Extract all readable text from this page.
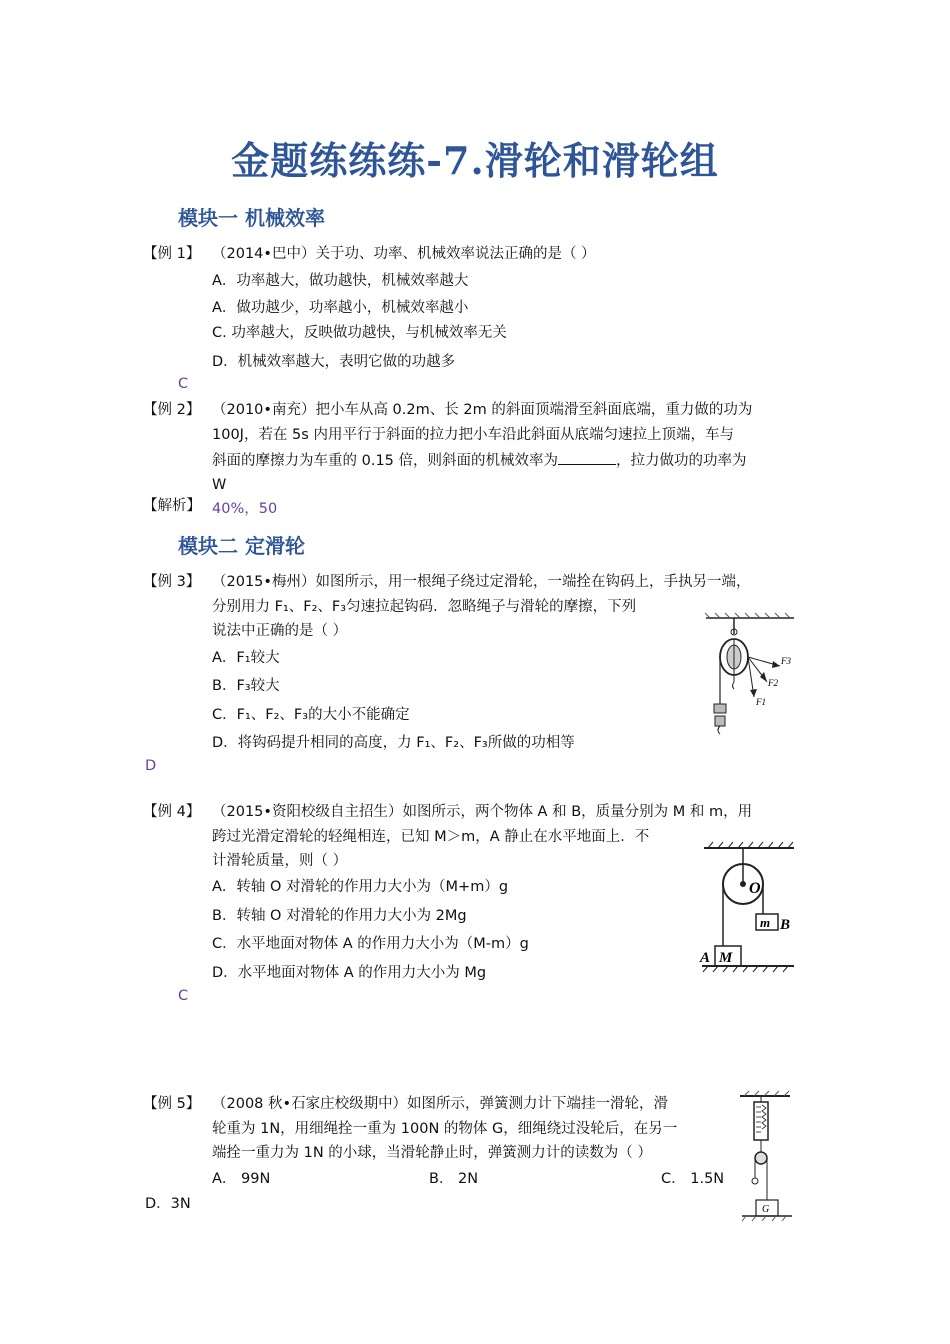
金题练练练-7.滑轮和滑轮组
模块一 机械效率
【例 1】 （2014•巴中）关于功、功率、机械效率说法正确的是（ ）
A．功率越大，做功越快，机械效率越大
A．做功越少，功率越小，机械效率越小
C. 功率越大，反映做功越快，与机械效率无关
D．机械效率越大，表明它做的功越多
C
【例 2】 （2010•南充）把小车从高 0.2m、长 2m 的斜面顶端滑至斜面底端，重力做的功为
100J，若在 5s 内用平行于斜面的拉力把小车沿此斜面从底端匀速拉上顶端，车与
斜面的摩擦力为车重的 0.15 倍，则斜面的机械效率为	，拉力做功的功率为
W
【解析】 40%，50
模块二 定滑轮
【例 3】 （2015•梅州）如图所示，用一根绳子绕过定滑轮，一端拴在钩码上，手执另一端，
分别用力 F₁、F₂、F₃匀速拉起钩码．忽略绳子与滑轮的摩擦，下列
说法中正确的是（ ）
A．F₁较大
B．F₃较大
C．F₁、F₂、F₃的大小不能确定
D．将钩码提升相同的高度，力 F₁、F₂、F₃所做的功相等
D
F3
F2
F1
【例 4】 （2015•资阳校级自主招生）如图所示，两个物体 A 和 B，质量分别为 M 和 m，用
跨过光滑定滑轮的轻绳相连，已知 M＞m，A 静止在水平地面上．不
计滑轮质量，则（ ）
A．转轴 O 对滑轮的作用力大小为（M+m）g
B．转轴 O 对滑轮的作用力大小为 2Mg
C．水平地面对物体 A 的作用力大小为（M-m）g
D．水平地面对物体 A 的作用力大小为 Mg
C
O
m B
M
A
【例 5】 （2008 秋•石家庄校级期中）如图所示，弹簧测力计下端挂一滑轮，滑
轮重为 1N，用细绳拴一重为 100N 的物体 G，细绳绕过没轮后，在另一
端拴一重力为 1N 的小球，当滑轮静止时，弹簧测力计的读数为（ ）
A． 99N	B． 2N	C． 1.5N
D．3N	G
